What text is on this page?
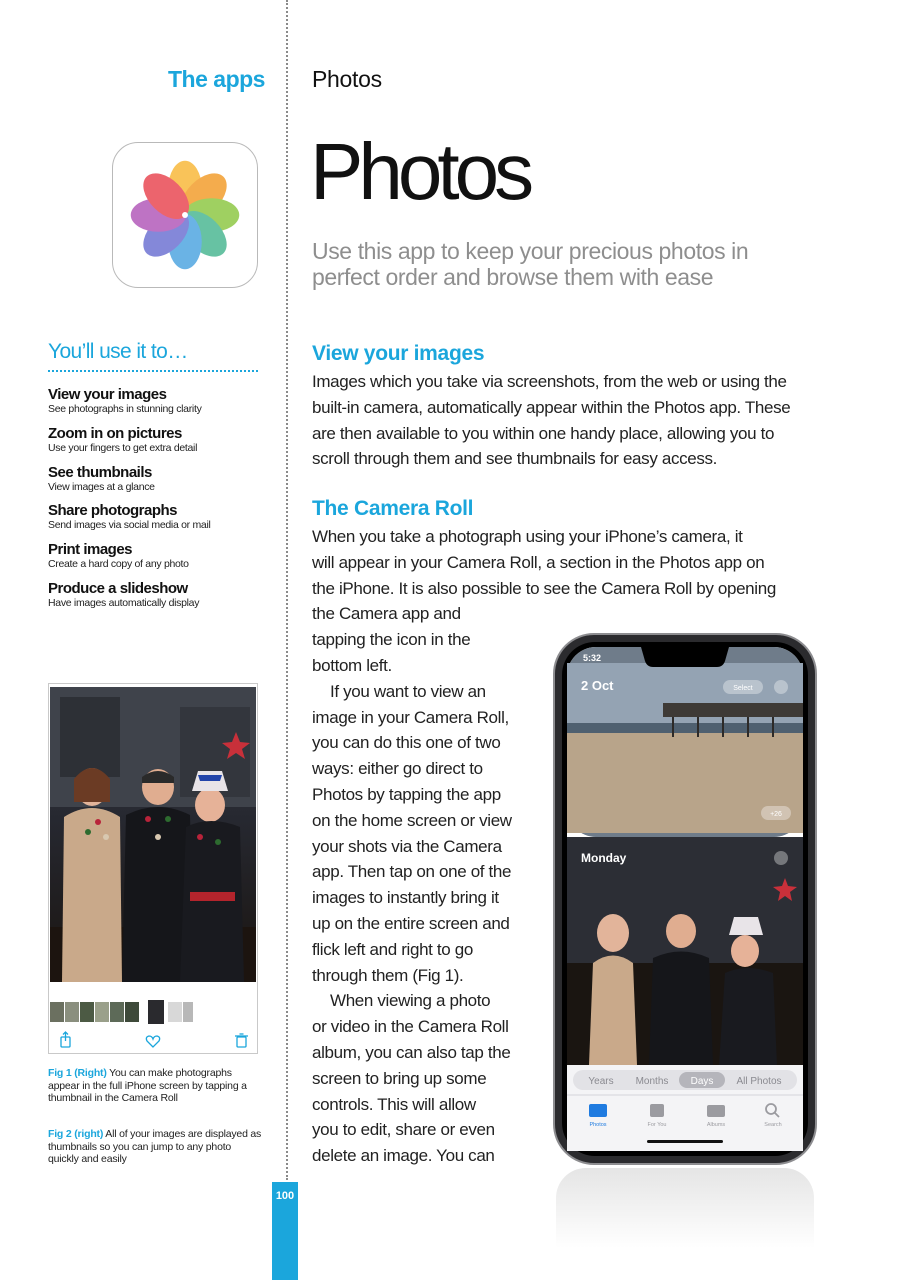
The apps Photos
Photos
Use this app to keep your precious photos in
perfect order and browse them with ease
You’ll use it to…
View your images
See photographs in stunning clarity
Zoom in on pictures
Use your fingers to get extra detail
See thumbnails
View images at a glance
Share photographs
Send images via social media or mail
Print images
Create a hard copy of any photo
Produce a slideshow
Have images automatically display
Fig 1 (Right) You can make photographs appear in the full iPhone screen by tapping a thumbnail in the Camera Roll
Fig 2 (right) All of your images are displayed as thumbnails so you can jump to any photo quickly and easily
View your images
Images which you take via screenshots, from the web or using the
built-in camera, automatically appear within the Photos app. These
are then available to you within one handy place, allowing you to
scroll through them and see thumbnails for easy access.
The Camera Roll
When you take a photograph using your iPhone’s camera, it
will appear in your Camera Roll, a section in the Photos app on
the iPhone. It is also possible to see the Camera Roll by opening
the Camera app and
tapping the icon in the
bottom left.
If you want to view an
image in your Camera Roll,
you can do this one of two
ways: either go direct to
Photos by tapping the app
on the home screen or view
your shots via the Camera
app. Then tap on one of the
images to instantly bring it
up on the entire screen and
flick left and right to go
through them (Fig 1).
When viewing a photo
or video in the Camera Roll
album, you can also tap the
screen to bring up some
controls. This will allow
you to edit, share or even
delete an image. You can
5:32
2 Oct	Select
+26
Monday
Years Months Days All Photos
Photos	For You	Albums	Search
100
